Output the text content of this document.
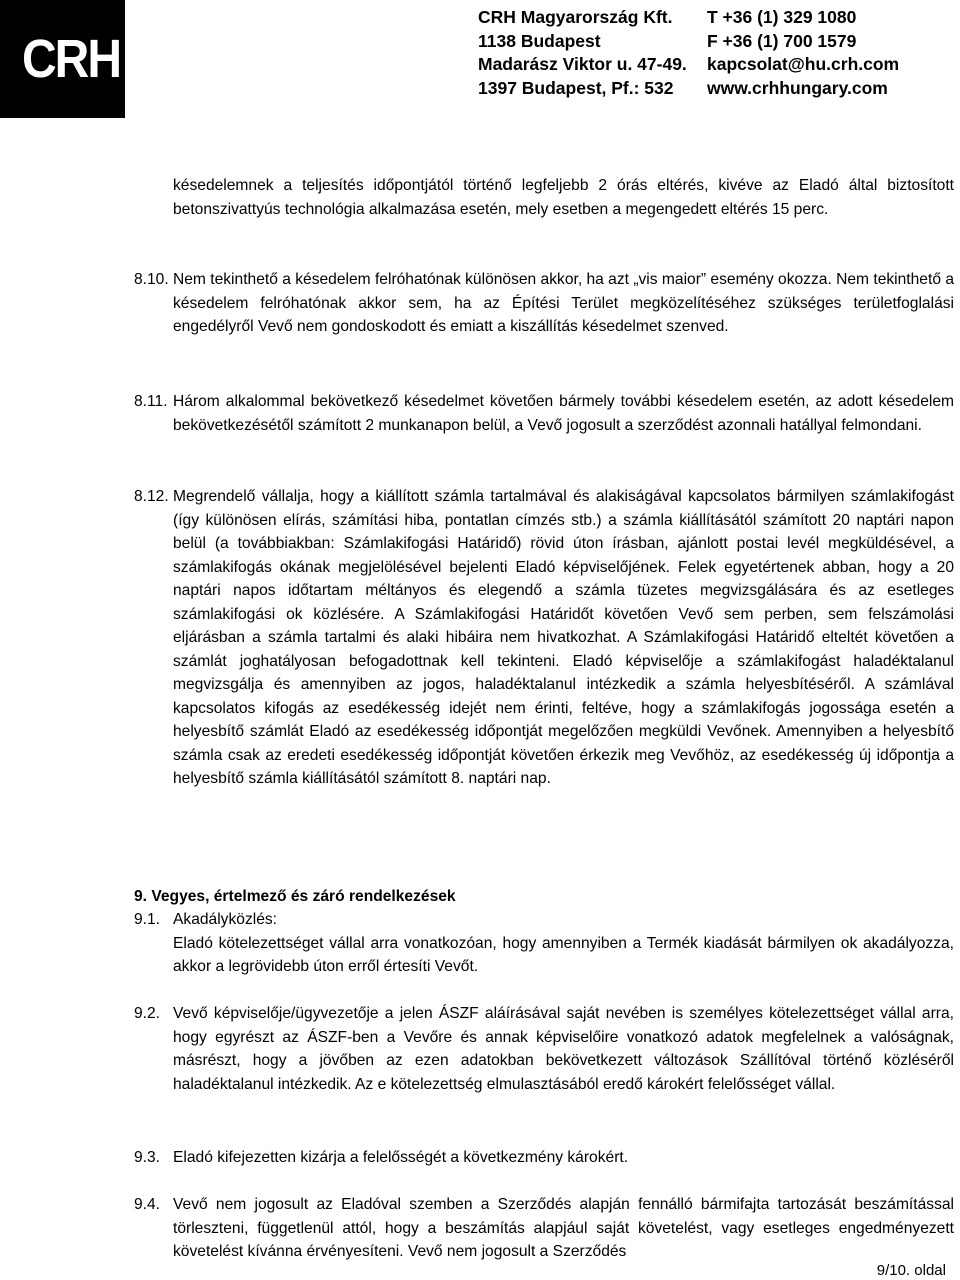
CRH
CRH Magyarország Kft.
1138 Budapest
Madarász Viktor u. 47-49.
1397 Budapest, Pf.: 532
T +36 (1) 329 1080
F +36 (1) 700 1579
kapcsolat@hu.crh.com
www.crhhungary.com
késedelemnek a teljesítés időpontjától történő legfeljebb 2 órás eltérés, kivéve az Eladó által biztosított betonszivattyús technológia alkalmazása esetén, mely esetben a megengedett eltérés 15 perc.
8.10. Nem tekinthető a késedelem felróhatónak különösen akkor, ha azt „vis maior” esemény okozza. Nem tekinthető a késedelem felróhatónak akkor sem, ha az Építési Terület megközelítéséhez szükséges területfoglalási engedélyről Vevő nem gondoskodott és emiatt a kiszállítás késedelmet szenved.
8.11. Három alkalommal bekövetkező késedelmet követően bármely további késedelem esetén, az adott késedelem bekövetkezésétől számított 2 munkanapon belül, a Vevő jogosult a szerződést azonnali hatállyal felmondani.
8.12. Megrendelő vállalja, hogy a kiállított számla tartalmával és alakiságával kapcsolatos bármilyen számlakifogást (így különösen elírás, számítási hiba, pontatlan címzés stb.) a számla kiállításától számított 20 naptári napon belül (a továbbiakban: Számlakifogási Határidő) rövid úton írásban, ajánlott postai levél megküldésével, a számlakifogás okának megjelölésével bejelenti Eladó képviselőjének. Felek egyetértenek abban, hogy a 20 naptári napos időtartam méltányos és elegendő a számla tüzetes megvizsgálására és az esetleges számlakifogási ok közlésére. A Számlakifogási Határidőt követően Vevő sem perben, sem felszámolási eljárásban a számla tartalmi és alaki hibáira nem hivatkozhat. A Számlakifogási Határidő elteltét követően a számlát joghatályosan befogadottnak kell tekinteni. Eladó képviselője a számlakifogást haladéktalanul megvizsgálja és amennyiben az jogos, haladéktalanul intézkedik a számla helyesbítéséről. A számlával kapcsolatos kifogás az esedékesség idejét nem érinti, feltéve, hogy a számlakifogás jogossága esetén a helyesbítő számlát Eladó az esedékesség időpontját megelőzően megküldi Vevőnek. Amennyiben a helyesbítő számla csak az eredeti esedékesség időpontját követően érkezik meg Vevőhöz, az esedékesség új időpontja a helyesbítő számla kiállításától számított 8. naptári nap.
9. Vegyes, értelmező és záró rendelkezések
9.1. Akadályközlés:
Eladó kötelezettséget vállal arra vonatkozóan, hogy amennyiben a Termék kiadását bármilyen ok akadályozza, akkor a legrövidebb úton erről értesíti Vevőt.
9.2. Vevő képviselője/ügyvezetője a jelen ÁSZF aláírásával saját nevében is személyes kötelezettséget vállal arra, hogy egyrészt az ÁSZF-ben a Vevőre és annak képviselőire vonatkozó adatok megfelelnek a valóságnak, másrészt, hogy a jövőben az ezen adatokban bekövetkezett változások Szállítóval történő közléséről haladéktalanul intézkedik. Az e kötelezettség elmulasztásából eredő károkért felelősséget vállal.
9.3. Eladó kifejezetten kizárja a felelősségét a következmény károkért.
9.4. Vevő nem jogosult az Eladóval szemben a Szerződés alapján fennálló bármifajta tartozását beszámítással törleszteni, függetlenül attól, hogy a beszámítás alapjául saját követelést, vagy esetleges engedményezett követelést kívánna érvényesíteni. Vevő nem jogosult a Szerződés
9/10. oldal
